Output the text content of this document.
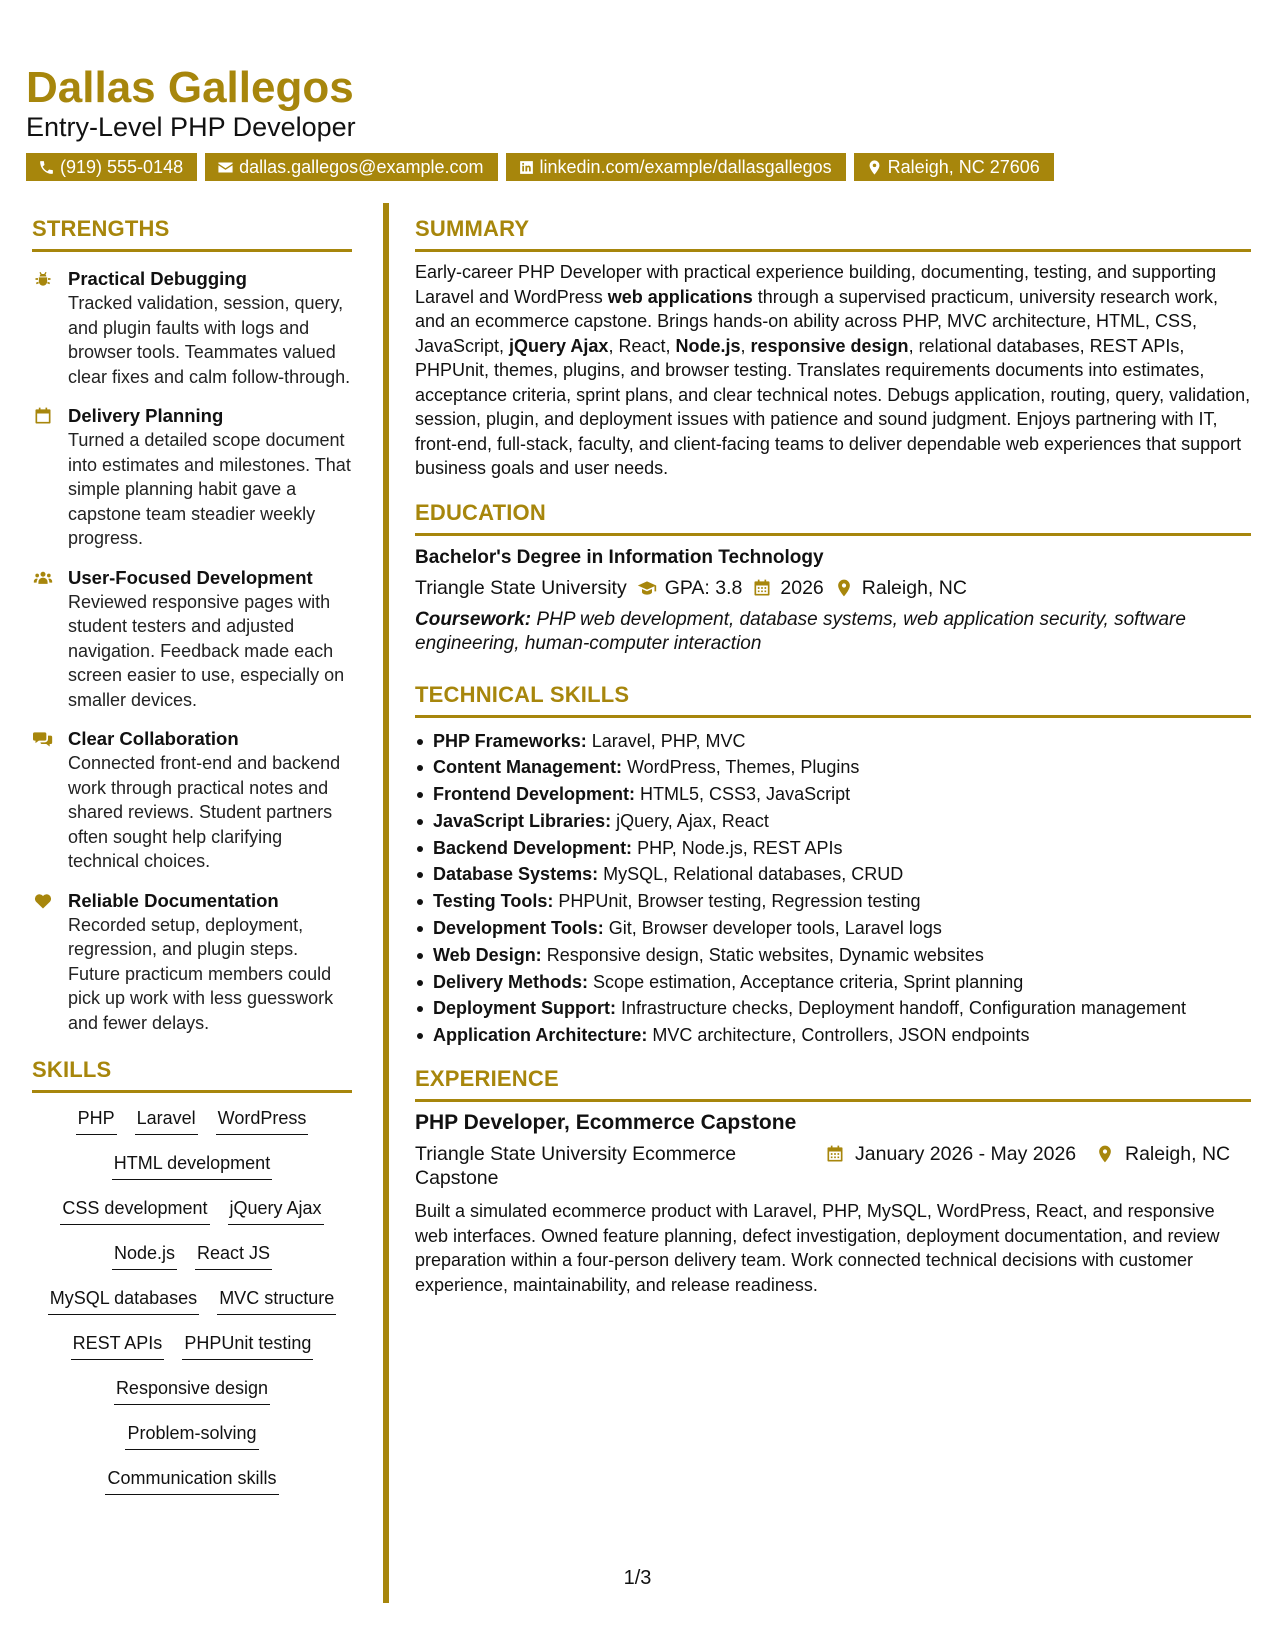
Dallas Gallegos
Entry-Level PHP Developer
(919) 555-0148	dallas.gallegos@example.com	linkedin.com/example/dallasgallegos	Raleigh, NC 27606
STRENGTHS
Practical Debugging
Tracked validation, session, query, and plugin faults with logs and browser tools. Teammates valued clear fixes and calm follow-through.
Delivery Planning
Turned a detailed scope document into estimates and milestones. That simple planning habit gave a capstone team steadier weekly progress.
User-Focused Development
Reviewed responsive pages with student testers and adjusted navigation. Feedback made each screen easier to use, especially on smaller devices.
Clear Collaboration
Connected front-end and backend work through practical notes and shared reviews. Student partners often sought help clarifying technical choices.
Reliable Documentation
Recorded setup, deployment, regression, and plugin steps. Future practicum members could pick up work with less guesswork and fewer delays.
SKILLS
PHP Laravel WordPress
HTML development
CSS development jQuery Ajax
Node.js React JS
MySQL databases MVC structure
REST APIs PHPUnit testing
Responsive design
Problem-solving
Communication skills
SUMMARY
Early-career PHP Developer with practical experience building, documenting, testing, and supporting Laravel and WordPress web applications through a supervised practicum, university research work, and an ecommerce capstone. Brings hands-on ability across PHP, MVC architecture, HTML, CSS, JavaScript, jQuery Ajax, React, Node.js, responsive design, relational databases, REST APIs, PHPUnit, themes, plugins, and browser testing. Translates requirements documents into estimates, acceptance criteria, sprint plans, and clear technical notes. Debugs application, routing, query, validation, session, plugin, and deployment issues with patience and sound judgment. Enjoys partnering with IT, front-end, full-stack, faculty, and client-facing teams to deliver dependable web experiences that support business goals and user needs.
EDUCATION
Bachelor's Degree in Information Technology
Triangle State University GPA: 3.8 2026 Raleigh, NC
Coursework: PHP web development, database systems, web application security, software engineering, human-computer interaction
TECHNICAL SKILLS
PHP Frameworks: Laravel, PHP, MVC
Content Management: WordPress, Themes, Plugins
Frontend Development: HTML5, CSS3, JavaScript
JavaScript Libraries: jQuery, Ajax, React
Backend Development: PHP, Node.js, REST APIs
Database Systems: MySQL, Relational databases, CRUD
Testing Tools: PHPUnit, Browser testing, Regression testing
Development Tools: Git, Browser developer tools, Laravel logs
Web Design: Responsive design, Static websites, Dynamic websites
Delivery Methods: Scope estimation, Acceptance criteria, Sprint planning
Deployment Support: Infrastructure checks, Deployment handoff, Configuration management
Application Architecture: MVC architecture, Controllers, JSON endpoints
EXPERIENCE
PHP Developer, Ecommerce Capstone
Triangle State University Ecommerce Capstone
January 2026 - May 2026	Raleigh, NC
Built a simulated ecommerce product with Laravel, PHP, MySQL, WordPress, React, and responsive web interfaces. Owned feature planning, defect investigation, deployment documentation, and review preparation within a four-person delivery team. Work connected technical decisions with customer experience, maintainability, and release readiness.
1/3
